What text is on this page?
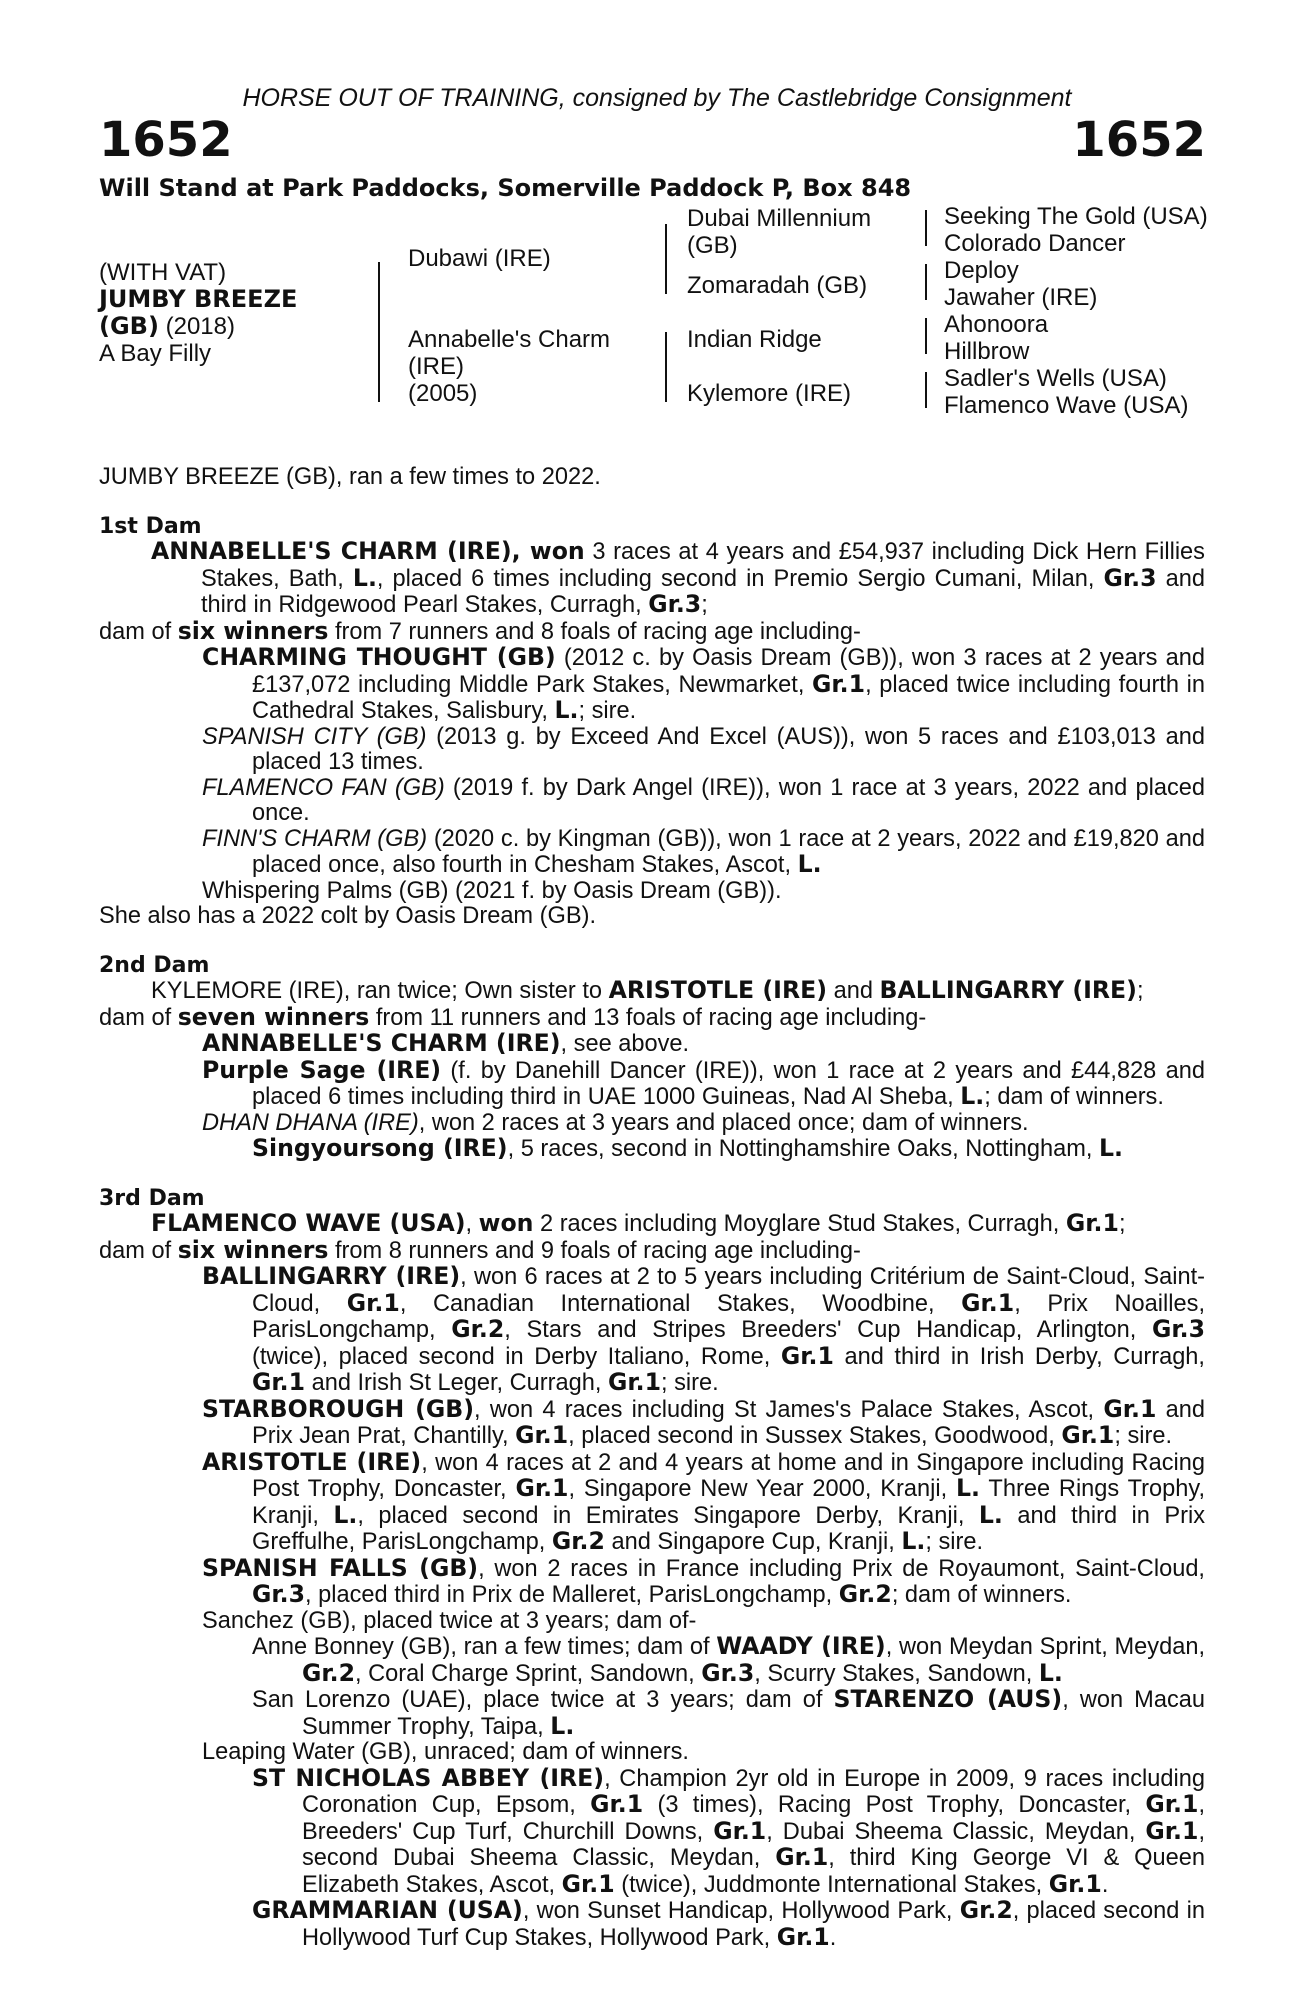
HORSE OUT OF TRAINING, consigned by The Castlebridge Consignment
1652	1652
Will Stand at Park Paddocks, Somerville Paddock P, Box 848
(WITH VAT)
JUMBY BREEZE
(GB) (2018)
A Bay Filly
Dubawi (IRE)
Annabelle's Charm
(IRE)
(2005)
Dubai Millennium
(GB)
Zomaradah (GB)
Indian Ridge
Kylemore (IRE)
Seeking The Gold (USA)
Colorado Dancer
Deploy
Jawaher (IRE)
Ahonoora
Hillbrow
Sadler's Wells (USA)
Flamenco Wave (USA)

JUMBY BREEZE (GB), ran a few times to 2022.

1st Dam

ANNABELLE'S CHARM (IRE), won 3 races at 4 years and £54,937 including Dick Hern Fillies Stakes, Bath, L., placed 6 times including second in Premio Sergio Cumani, Milan, Gr.3 and third in Ridgewood Pearl Stakes, Curragh, Gr.3;

dam of six winners from 7 runners and 8 foals of racing age including-

CHARMING THOUGHT (GB) (2012 c. by Oasis Dream (GB)), won 3 races at 2 years and £137,072 including Middle Park Stakes, Newmarket, Gr.1, placed twice including fourth in Cathedral Stakes, Salisbury, L.; sire.

SPANISH CITY (GB) (2013 g. by Exceed And Excel (AUS)), won 5 races and £103,013 and placed 13 times.

FLAMENCO FAN (GB) (2019 f. by Dark Angel (IRE)), won 1 race at 3 years, 2022 and placed once.

FINN'S CHARM (GB) (2020 c. by Kingman (GB)), won 1 race at 2 years, 2022 and £19,820 and placed once, also fourth in Chesham Stakes, Ascot, L.

Whispering Palms (GB) (2021 f. by Oasis Dream (GB)).

She also has a 2022 colt by Oasis Dream (GB).

2nd Dam

KYLEMORE (IRE), ran twice; Own sister to ARISTOTLE (IRE) and BALLINGARRY (IRE);

dam of seven winners from 11 runners and 13 foals of racing age including-

ANNABELLE'S CHARM (IRE), see above.

Purple Sage (IRE) (f. by Danehill Dancer (IRE)), won 1 race at 2 years and £44,828 and placed 6 times including third in UAE 1000 Guineas, Nad Al Sheba, L.; dam of winners.

DHAN DHANA (IRE), won 2 races at 3 years and placed once; dam of winners.

Singyoursong (IRE), 5 races, second in Nottinghamshire Oaks, Nottingham, L.

3rd Dam

FLAMENCO WAVE (USA), won 2 races including Moyglare Stud Stakes, Curragh, Gr.1;

dam of six winners from 8 runners and 9 foals of racing age including-

BALLINGARRY (IRE), won 6 races at 2 to 5 years including Critérium de Saint-Cloud, Saint-Cloud, Gr.1, Canadian International Stakes, Woodbine, Gr.1, Prix Noailles, ParisLongchamp, Gr.2, Stars and Stripes Breeders' Cup Handicap, Arlington, Gr.3 (twice), placed second in Derby Italiano, Rome, Gr.1 and third in Irish Derby, Curragh, Gr.1 and Irish St Leger, Curragh, Gr.1; sire.

STARBOROUGH (GB), won 4 races including St James's Palace Stakes, Ascot, Gr.1 and Prix Jean Prat, Chantilly, Gr.1, placed second in Sussex Stakes, Goodwood, Gr.1; sire.

ARISTOTLE (IRE), won 4 races at 2 and 4 years at home and in Singapore including Racing Post Trophy, Doncaster, Gr.1, Singapore New Year 2000, Kranji, L. Three Rings Trophy, Kranji, L., placed second in Emirates Singapore Derby, Kranji, L. and third in Prix Greffulhe, ParisLongchamp, Gr.2 and Singapore Cup, Kranji, L.; sire.

SPANISH FALLS (GB), won 2 races in France including Prix de Royaumont, Saint-Cloud, Gr.3, placed third in Prix de Malleret, ParisLongchamp, Gr.2; dam of winners.

Sanchez (GB), placed twice at 3 years; dam of-

Anne Bonney (GB), ran a few times; dam of WAADY (IRE), won Meydan Sprint, Meydan, Gr.2, Coral Charge Sprint, Sandown, Gr.3, Scurry Stakes, Sandown, L.

San Lorenzo (UAE), place twice at 3 years; dam of STARENZO (AUS), won Macau Summer Trophy, Taipa, L.

Leaping Water (GB), unraced; dam of winners.

ST NICHOLAS ABBEY (IRE), Champion 2yr old in Europe in 2009, 9 races including Coronation Cup, Epsom, Gr.1 (3 times), Racing Post Trophy, Doncaster, Gr.1, Breeders' Cup Turf, Churchill Downs, Gr.1, Dubai Sheema Classic, Meydan, Gr.1, second Dubai Sheema Classic, Meydan, Gr.1, third King George VI & Queen Elizabeth Stakes, Ascot, Gr.1 (twice), Juddmonte International Stakes, Gr.1.

GRAMMARIAN (USA), won Sunset Handicap, Hollywood Park, Gr.2, placed second in Hollywood Turf Cup Stakes, Hollywood Park, Gr.1.
